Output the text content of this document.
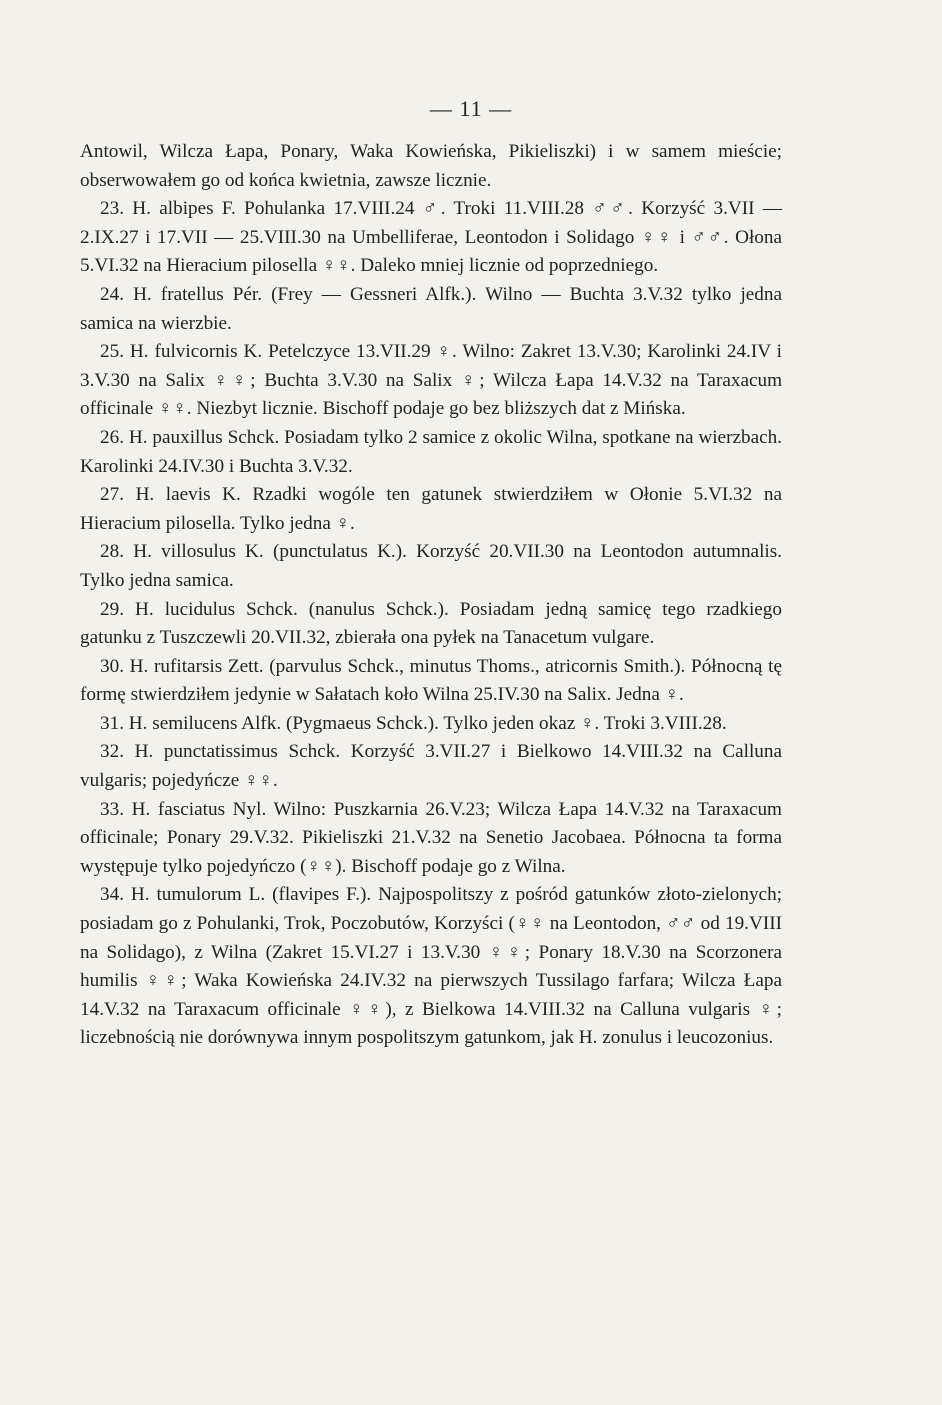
— 11 —

Antowil, Wilcza Łapa, Ponary, Waka Kowieńska, Pikieliszki) i w samem mieście; obserwowałem go od końca kwietnia, zawsze licznie.

23. H. albipes F. Pohulanka 17.VIII.24 ♂. Troki 11.VIII.28 ♂♂. Korzyść 3.VII — 2.IX.27 i 17.VII — 25.VIII.30 na Umbelliferae, Leontodon i Solidago ♀♀ i ♂♂. Ołona 5.VI.32 na Hieracium pilosella ♀♀. Daleko mniej licznie od poprzedniego.

24. H. fratellus Pér. (Frey — Gessneri Alfk.). Wilno — Buchta 3.V.32 tylko jedna samica na wierzbie.

25. H. fulvicornis K. Petelczyce 13.VII.29 ♀. Wilno: Zakret 13.V.30; Karolinki 24.IV i 3.V.30 na Salix ♀♀; Buchta 3.V.30 na Salix ♀; Wilcza Łapa 14.V.32 na Taraxacum officinale ♀♀. Niezbyt licznie. Bischoff podaje go bez bliższych dat z Mińska.

26. H. pauxillus Schck. Posiadam tylko 2 samice z okolic Wilna, spotkane na wierzbach. Karolinki 24.IV.30 i Buchta 3.V.32.

27. H. laevis K. Rzadki wogóle ten gatunek stwierdziłem w Ołonie 5.VI.32 na Hieracium pilosella. Tylko jedna ♀.

28. H. villosulus K. (punctulatus K.). Korzyść 20.VII.30 na Leontodon autumnalis. Tylko jedna samica.

29. H. lucidulus Schck. (nanulus Schck.). Posiadam jedną samicę tego rzadkiego gatunku z Tuszczewli 20.VII.32, zbierała ona pyłek na Tanacetum vulgare.

30. H. rufitarsis Zett. (parvulus Schck., minutus Thoms., atricornis Smith.). Północną tę formę stwierdziłem jedynie w Sałatach koło Wilna 25.IV.30 na Salix. Jedna ♀.

31. H. semilucens Alfk. (Pygmaeus Schck.). Tylko jeden okaz ♀. Troki 3.VIII.28.

32. H. punctatissimus Schck. Korzyść 3.VII.27 i Bielkowo 14.VIII.32 na Calluna vulgaris; pojedyńcze ♀♀.

33. H. fasciatus Nyl. Wilno: Puszkarnia 26.V.23; Wilcza Łapa 14.V.32 na Taraxacum officinale; Ponary 29.V.32. Pikieliszki 21.V.32 na Senetio Jacobaea. Północna ta forma występuje tylko pojedyńczo (♀♀). Bischoff podaje go z Wilna.

34. H. tumulorum L. (flavipes F.). Najpospolitszy z pośród gatunków złoto-zielonych; posiadam go z Pohulanki, Trok, Poczobutów, Korzyści (♀♀ na Leontodon, ♂♂ od 19.VIII na Solidago), z Wilna (Zakret 15.VI.27 i 13.V.30 ♀♀; Ponary 18.V.30 na Scorzonera humilis ♀♀; Waka Kowieńska 24.IV.32 na pierwszych Tussilago farfara; Wilcza Łapa 14.V.32 na Taraxacum officinale ♀♀), z Bielkowa 14.VIII.32 na Calluna vulgaris ♀; liczebnością nie dorównywa innym pospolitszym gatunkom, jak H. zonulus i leucozonius.
